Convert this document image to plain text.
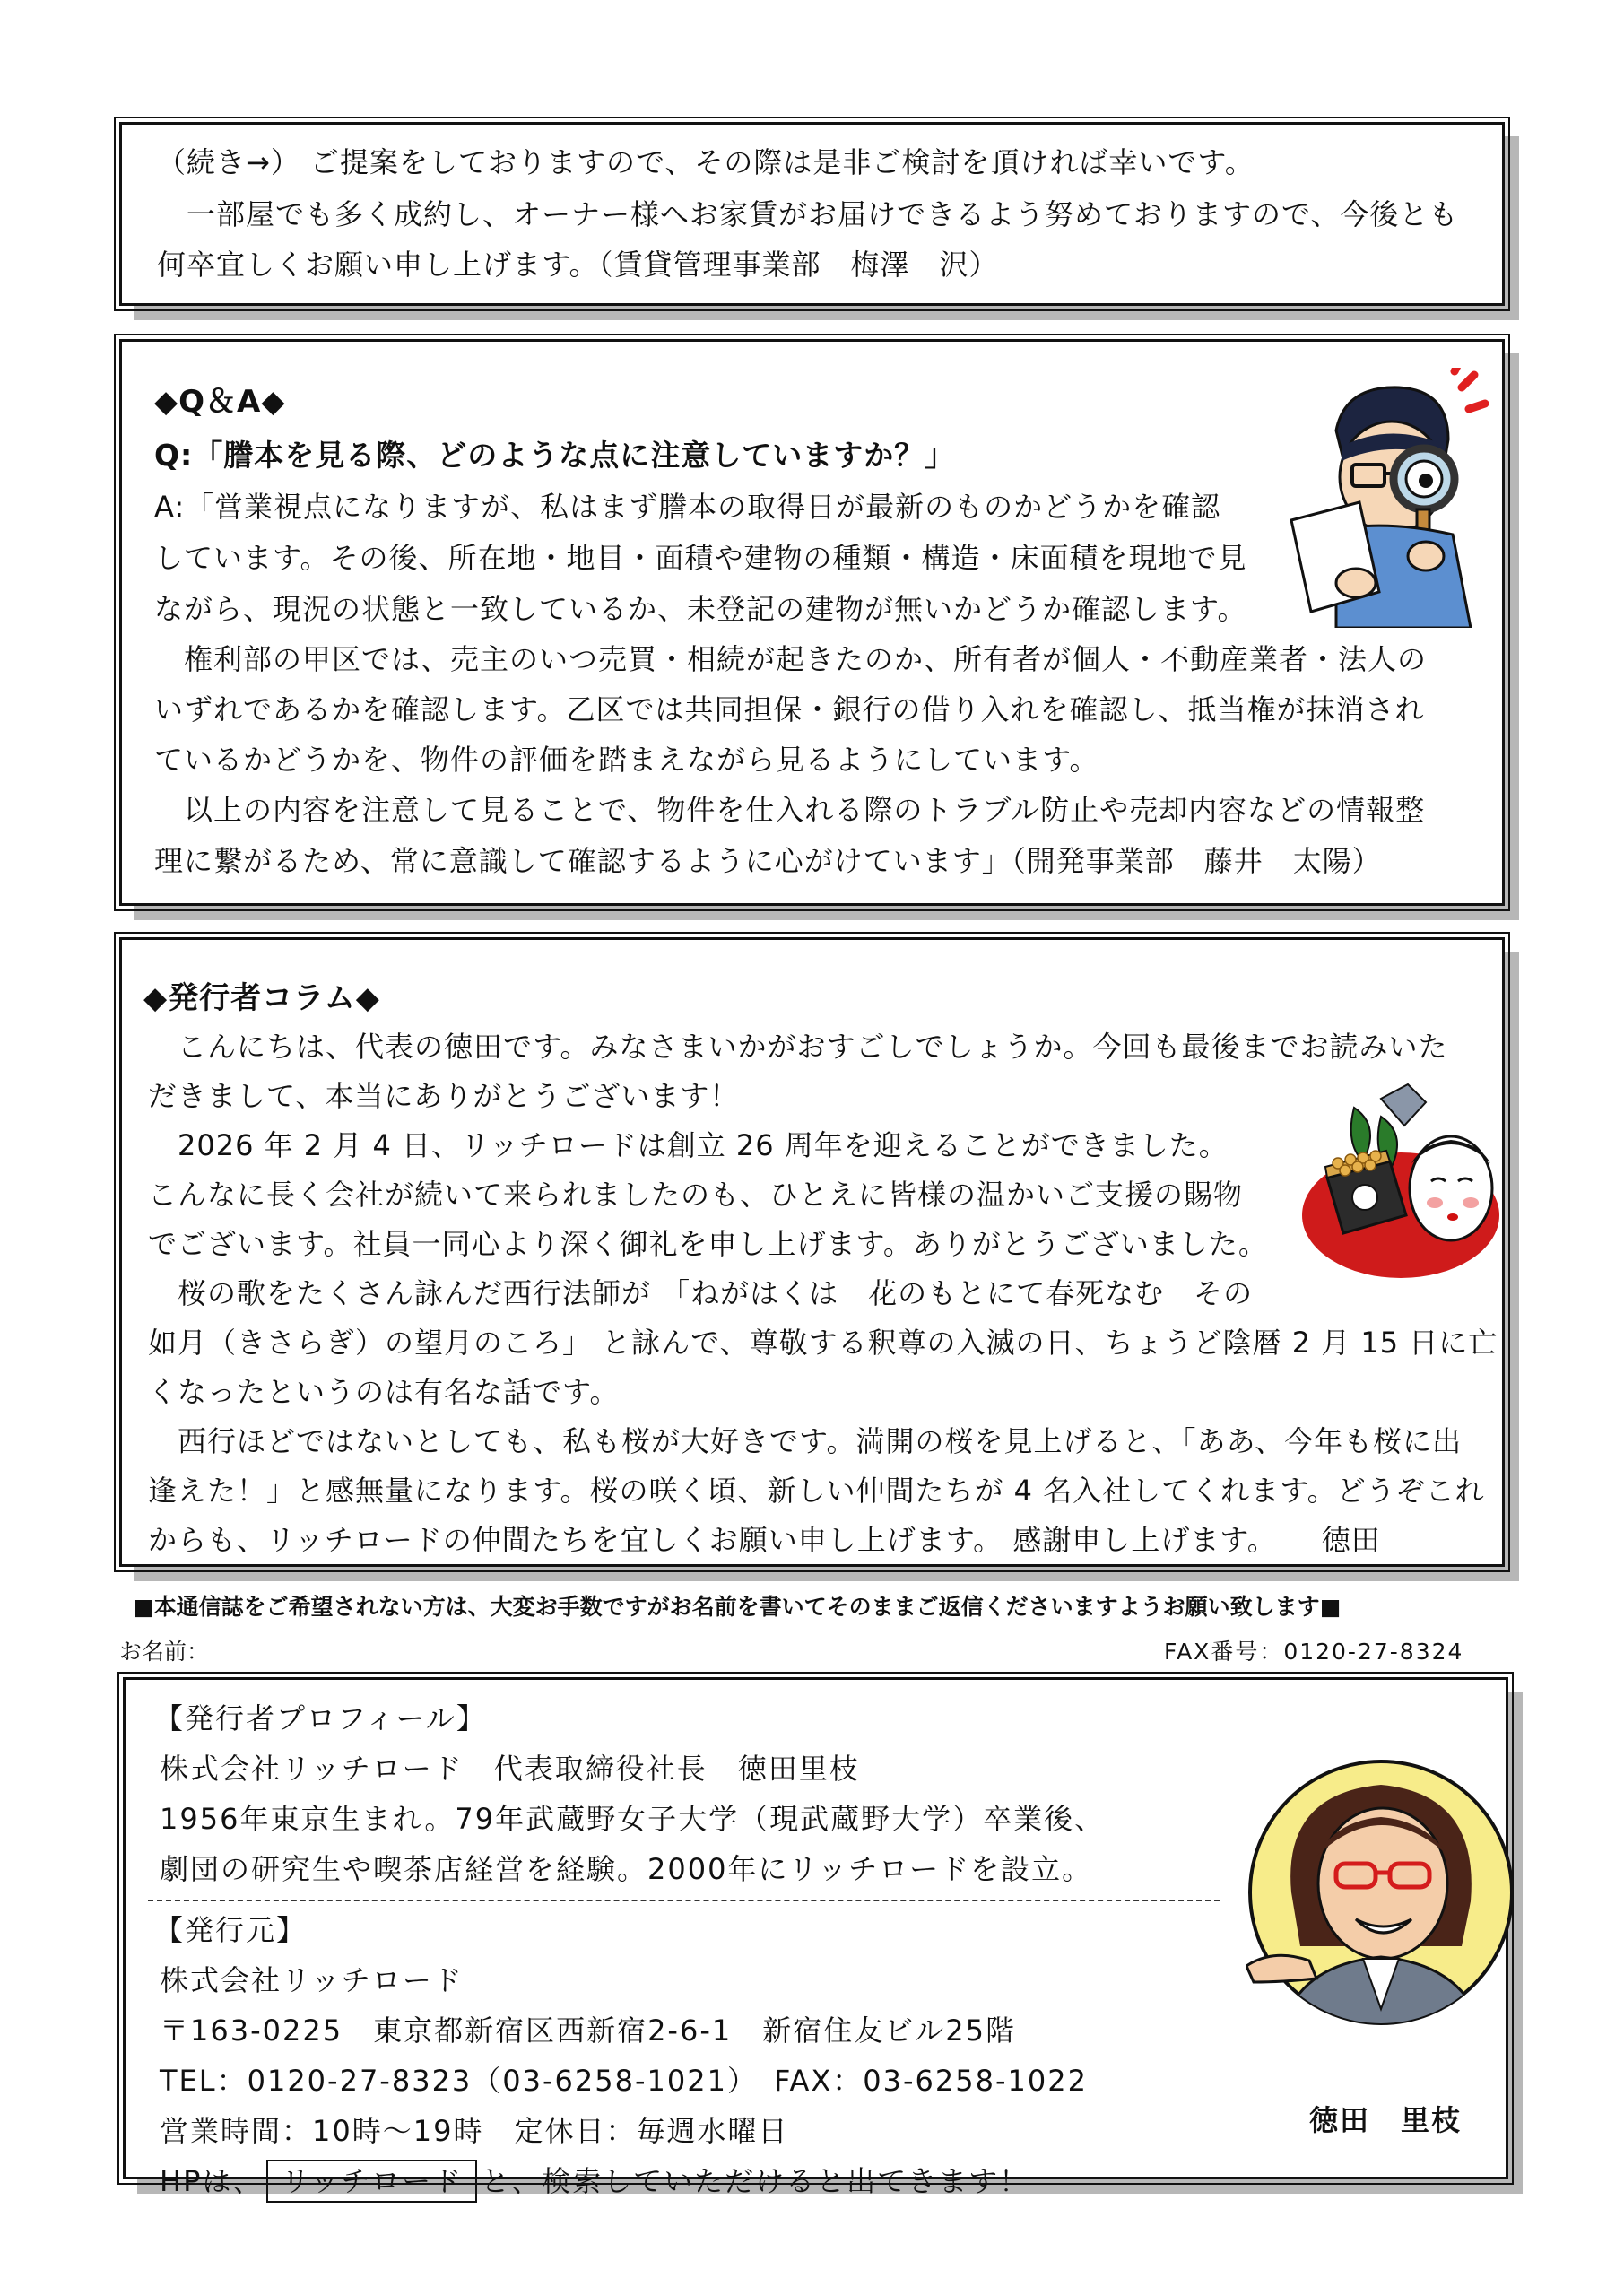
（続き→） ご提案をしておりますので、その際は是非ご検討を頂ければ幸いです。
　一部屋でも多く成約し、オーナー様へお家賃がお届けできるよう努めておりますので、今後とも
何卒宜しくお願い申し上げます。（賃貸管理事業部　梅澤　沢）
◆Q＆A◆
Q:「謄本を見る際、どのような点に注意していますか？」
A:「営業視点になりますが、私はまず謄本の取得日が最新のものかどうかを確認
しています。その後、所在地・地目・面積や建物の種類・構造・床面積を現地で見
ながら、現況の状態と一致しているか、未登記の建物が無いかどうか確認します。
　権利部の甲区では、売主のいつ売買・相続が起きたのか、所有者が個人・不動産業者・法人の
いずれであるかを確認します。乙区では共同担保・銀行の借り入れを確認し、抵当権が抹消され
ているかどうかを、物件の評価を踏まえながら見るようにしています。
　以上の内容を注意して見ることで、物件を仕入れる際のトラブル防止や売却内容などの情報整
理に繋がるため、常に意識して確認するように心がけています」（開発事業部　藤井　太陽）
◆発行者コラム◆
　こんにちは、代表の徳田です。みなさまいかがおすごしでしょうか。今回も最後までお読みいた
だきまして、本当にありがとうございます！
　2026 年 2 月 4 日、リッチロードは創立 26 周年を迎えることができました。
こんなに長く会社が続いて来られましたのも、ひとえに皆様の温かいご支援の賜物
でございます。社員一同心より深く御礼を申し上げます。ありがとうございました。
　桜の歌をたくさん詠んだ西行法師が 「ねがはくは　花のもとにて春死なむ　その
如月（きさらぎ）の望月のころ」 と詠んで、尊敬する釈尊の入滅の日、ちょうど陰暦 2 月 15 日に亡
くなったというのは有名な話です。
　西行ほどではないとしても、私も桜が大好きです。満開の桜を見上げると、「ああ、今年も桜に出
逢えた！」と感無量になります。桜の咲く頃、新しい仲間たちが 4 名入社してくれます。どうぞこれ
からも、リッチロードの仲間たちを宜しくお願い申し上げます。 感謝申し上げます。　　徳田
■本通信誌をご希望されない方は、大変お手数ですがお名前を書いてそのままご返信くださいますようお願い致します■
お名前：	FAX番号：0120-27-8324
【発行者プロフィール】
株式会社リッチロード　代表取締役社長　徳田里枝
1956年東京生まれ。79年武蔵野女子大学（現武蔵野大学）卒業後、
劇団の研究生や喫茶店経営を経験。2000年にリッチロードを設立。
【発行元】
株式会社リッチロード
〒163-0225　東京都新宿区西新宿2-6-1　新宿住友ビル25階
TEL：0120-27-8323（03-6258-1021）　FAX：03-6258-1022
営業時間：10時～19時　定休日：毎週水曜日
HPは、 リッチロード と、検索していただけると出てきます！
徳田　里枝
